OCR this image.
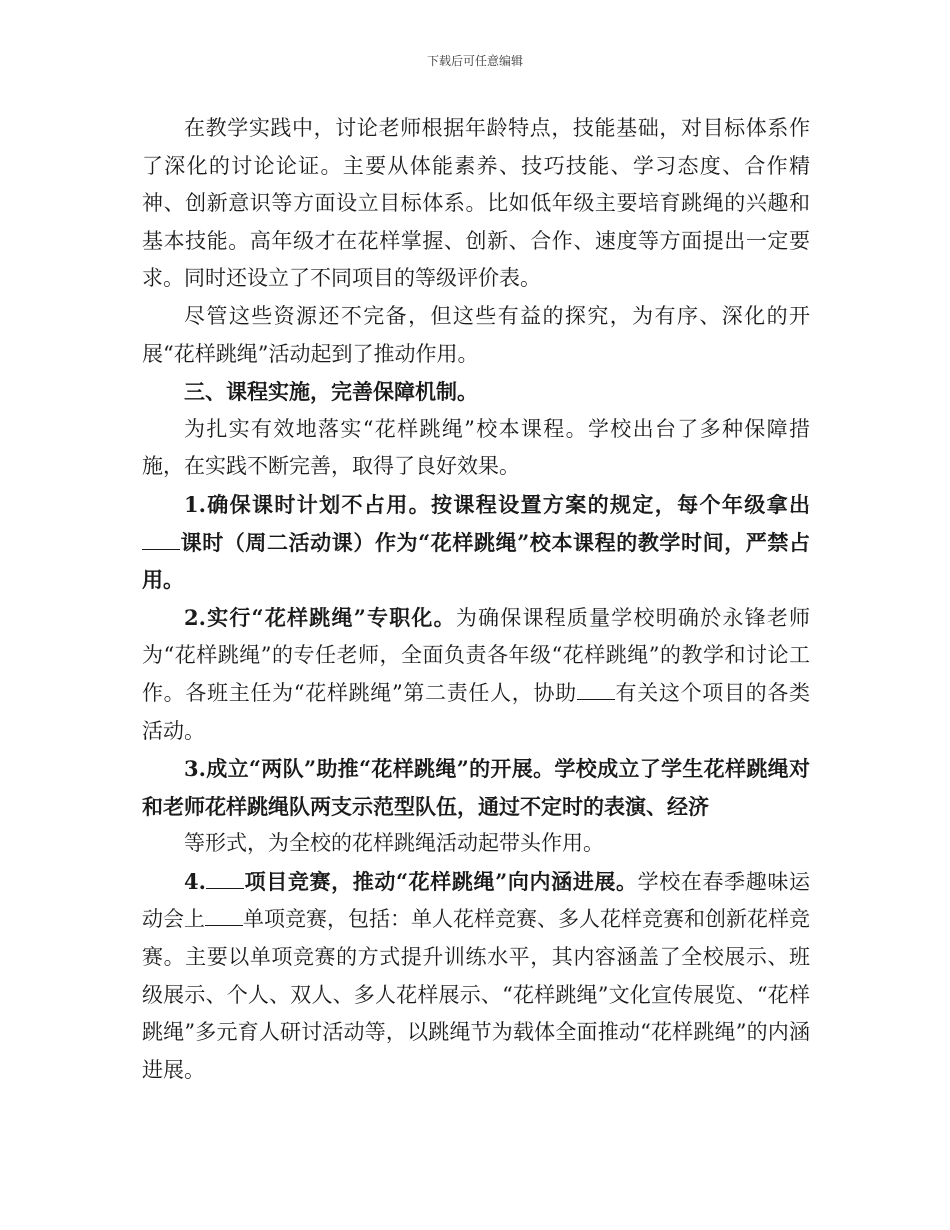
下载后可任意编辑

在教学实践中，讨论老师根据年龄特点，技能基础，对目标体系作了深化的讨论论证。主要从体能素养、技巧技能、学习态度、合作精神、创新意识等方面设立目标体系。比如低年级主要培育跳绳的兴趣和基本技能。高年级才在花样掌握、创新、合作、速度等方面提出一定要求。同时还设立了不同项目的等级评价表。

尽管这些资源还不完备，但这些有益的探究，为有序、深化的开展“花样跳绳”活动起到了推动作用。

三、课程实施，完善保障机制。

为扎实有效地落实“花样跳绳”校本课程。学校出台了多种保障措施，在实践不断完善，取得了良好效果。

1.确保课时计划不占用。按课程设置方案的规定，每个年级拿出课时（周二活动课）作为“花样跳绳”校本课程的教学时间，严禁占用。

2.实行“花样跳绳”专职化。为确保课程质量学校明确於永锋老师为“花样跳绳”的专任老师，全面负责各年级“花样跳绳”的教学和讨论工作。各班主任为“花样跳绳”第二责任人，协助 有关这个项目的各类活动。

3.成立“两队”助推“花样跳绳”的开展。学校成立了学生花样跳绳对和老师花样跳绳队两支示范型队伍，通过不定时的表演、经济

等形式，为全校的花样跳绳活动起带头作用。

4. 项目竞赛，推动“花样跳绳”向内涵进展。学校在春季趣味运动会上 单项竞赛，包括：单人花样竞赛、多人花样竞赛和创新花样竞赛。主要以单项竞赛的方式提升训练水平，其内容涵盖了全校展示、班级展示、个人、双人、多人花样展示、“花样跳绳”文化宣传展览、“花样跳绳”多元育人研讨活动等，以跳绳节为载体全面推动“花样跳绳”的内涵进展。
